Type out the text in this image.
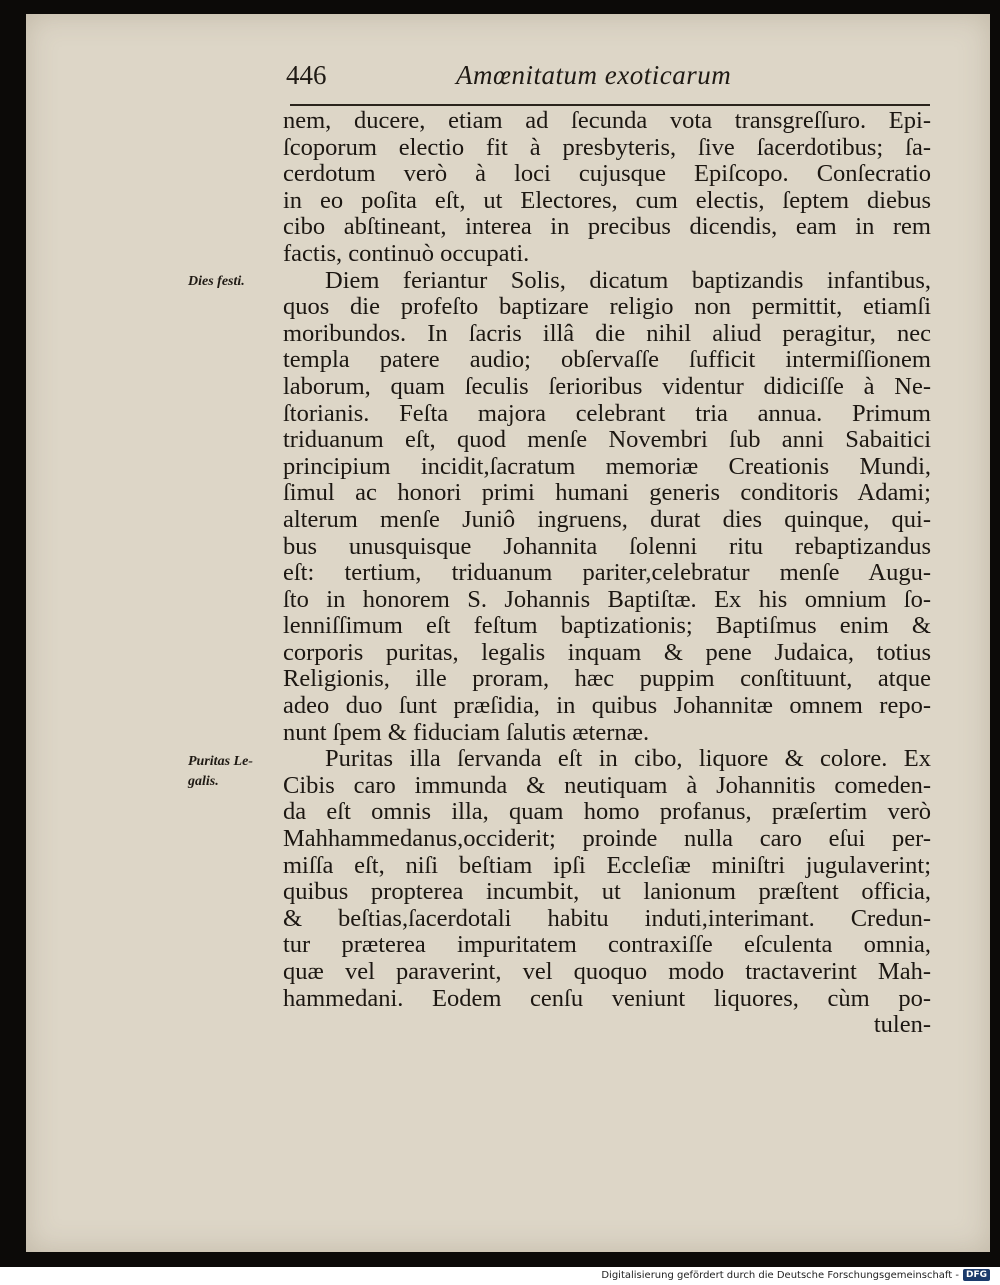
446	Amœnitatum exoticarum
Dies festi.
Puritas Le-
galis.
nem, ducere, etiam ad ſecunda vota transgreſſuro. Epi-
ſcoporum electio fit à presbyteris, ſive ſacerdotibus; ſa-
cerdotum verò à loci cujusque Epiſcopo. Conſecratio
in eo poſita eſt, ut Electores, cum electis, ſeptem diebus
cibo abſtineant, interea in precibus dicendis, eam in rem
factis, continuò occupati.
Diem feriantur Solis, dicatum baptizandis infantibus,
quos die profeſto baptizare religio non permittit, etiamſi
moribundos. In ſacris illâ die nihil aliud peragitur, nec
templa patere audio; obſervaſſe ſufficit intermiſſionem
laborum, quam ſeculis ſerioribus videntur didiciſſe à Ne-
ſtorianis. Feſta majora celebrant tria annua. Primum
triduanum eſt, quod menſe Novembri ſub anni Sabaitici
principium incidit,ſacratum memoriæ Creationis Mundi,
ſimul ac honori primi humani generis conditoris Adami;
alterum menſe Juniô ingruens, durat dies quinque, qui-
bus unusquisque Johannita ſolenni ritu rebaptizandus
eſt: tertium, triduanum pariter,celebratur menſe Augu-
ſto in honorem S. Johannis Baptiſtæ. Ex his omnium ſo-
lenniſſimum eſt feſtum baptizationis; Baptiſmus enim &
corporis puritas, legalis inquam & pene Judaica, totius
Religionis, ille proram, hæc puppim conſtituunt, atque
adeo duo ſunt præſidia, in quibus Johannitæ omnem repo-
nunt ſpem & fiduciam ſalutis æternæ.
Puritas illa ſervanda eſt in cibo, liquore & colore. Ex
Cibis caro immunda & neutiquam à Johannitis comeden-
da eſt omnis illa, quam homo profanus, præſertim verò
Mahhammedanus,occiderit; proinde nulla caro eſui per-
miſſa eſt, niſi beſtiam ipſi Eccleſiæ miniſtri jugulaverint;
quibus propterea incumbit, ut lanionum præſtent officia,
& beſtias,ſacerdotali habitu induti,interimant. Credun-
tur præterea impuritatem contraxiſſe eſculenta omnia,
quæ vel paraverint, vel quoquo modo tractaverint Mah-
hammedani. Eodem cenſu veniunt liquores, cùm po-
tulen-
Digitalisierung gefördert durch die Deutsche Forschungsgemeinschaft - DFG
